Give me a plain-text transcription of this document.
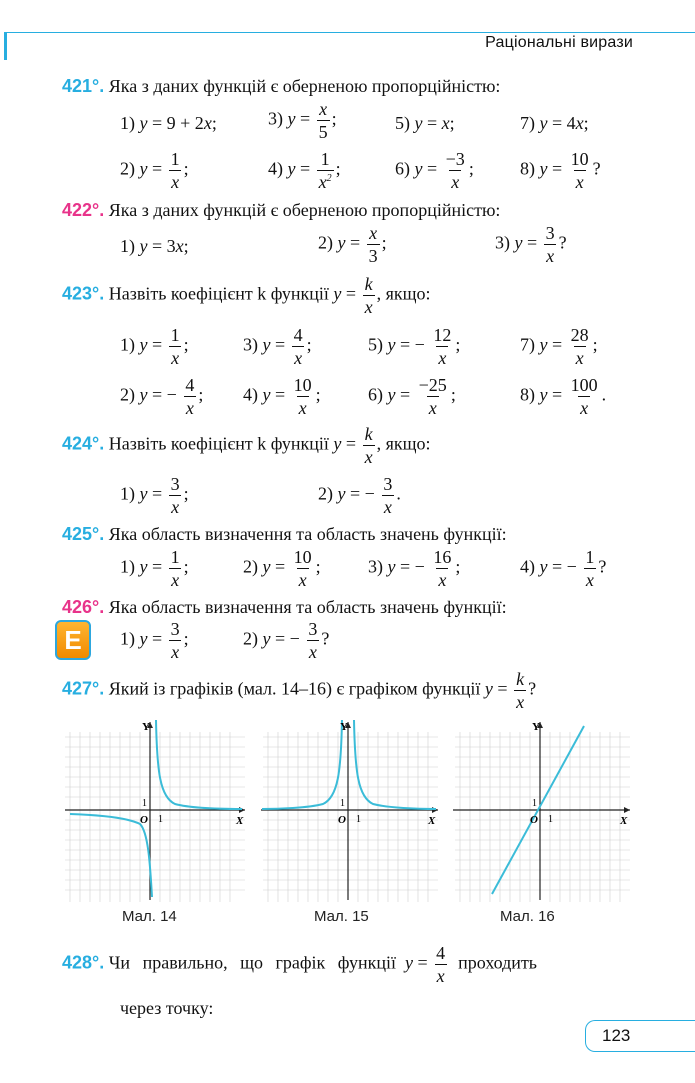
Раціональні вирази
421°. Яка з даних функцій є оберненою пропорційністю:
1) y = 9 + 2x;	3) $y = \frac{x}{5}$ ;	5) y = x;	7) y = 4x;
2) $y = \frac{1}{x}$ ;	4) $y = \frac{1}{x^2}$ ;	6) $y = \frac{-3}{x}$ ;	8) $y = \frac{10}{x}$ ?
422°. Яка з даних функцій є оберненою пропорційністю:
1) y = 3x;	2) $y = \frac{x}{3}$ ;	3) $y = \frac{3}{x}$ ?
423°. Назвіть коефіцієнт k функції $y = \frac{k}{x}$ , якщо:
1) $y = \frac{1}{x}$ ;	3) $y = \frac{4}{x}$ ;	5) y = − $\frac{12}{x}$ ;	7) $y = \frac{28}{x}$ ;
2) y = − $\frac{4}{x}$ ; 4) $y = \frac{10}{x}$ ;	6) $y = \frac{-25}{x}$ ;	8) $y = \frac{100}{x}$ .
424°. Назвіть коефіцієнт k функції $y = \frac{k}{x}$ , якщо:
1) $y = \frac{3}{x}$ ;	2) y = − $\frac{3}{x}$ .
425°. Яка область визначення та область значень функції:
1) $y = \frac{1}{x}$ ;	2) $y = \frac{10}{x}$ ;	3) y = − $\frac{16}{x}$ ;	4) y = − $\frac{1}{x}$ ?
426°. Яка область визначення та область значень функції:
E	1) $y = \frac{3}{x}$ ;	2) y = − $\frac{3}{x}$ ?
427°. Який із графіків (мал. 14–16) є графіком функції $y = \frac{k}{x}$ ?
Y
X
O
1
1
Мал. 14
Y
X
O
1
1
Мал. 15
Y
X
O
1
1
Мал. 16
428°. Чи правильно, що графік функції $y = \frac{4}{x}$ проходить
через точку:
123
